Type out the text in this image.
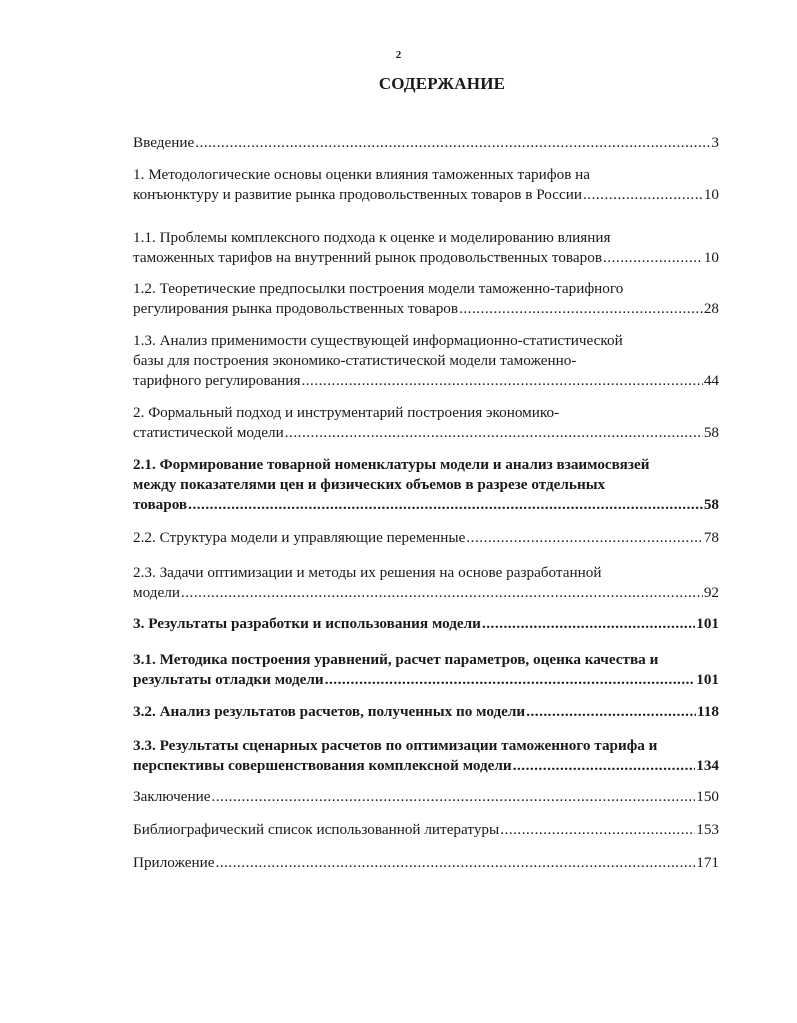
2
СОДЕРЖАНИЕ
Введение .....	3
1. Методологические основы оценки влияния таможенных тарифов на
конъюнктуру и развитие рынка продовольственных товаров в России .....	10
1.1. Проблемы комплексного подхода к оценке и моделированию влияния
таможенных тарифов на внутренний рынок продовольственных товаров .....	10
1.2. Теоретические предпосылки построения модели таможенно-тарифного
регулирования рынка продовольственных товаров .....	28
1.3. Анализ применимости существующей информационно-статистической
базы для построения экономико-статистической модели таможенно-
тарифного регулирования .....	44
2. Формальный подход и инструментарий построения экономико-
статистической модели .....	58
2.1. Формирование товарной номенклатуры модели и анализ взаимосвязей
между показателями цен и физических объемов в разрезе отдельных
товаров .....	58
2.2. Структура модели и управляющие переменные .....	78
2.3. Задачи оптимизации и методы их решения на основе разработанной
модели .....	92
3. Результаты разработки и использования модели .....	101
3.1. Методика построения уравнений, расчет параметров, оценка качества и
результаты отладки модели .....	101
3.2. Анализ результатов расчетов, полученных по модели .....	118
3.3. Результаты сценарных расчетов по оптимизации таможенного тарифа и
перспективы совершенствования комплексной модели .....	134
Заключение .....	150
Библиографический список использованной литературы .....	153
Приложение .....	171
